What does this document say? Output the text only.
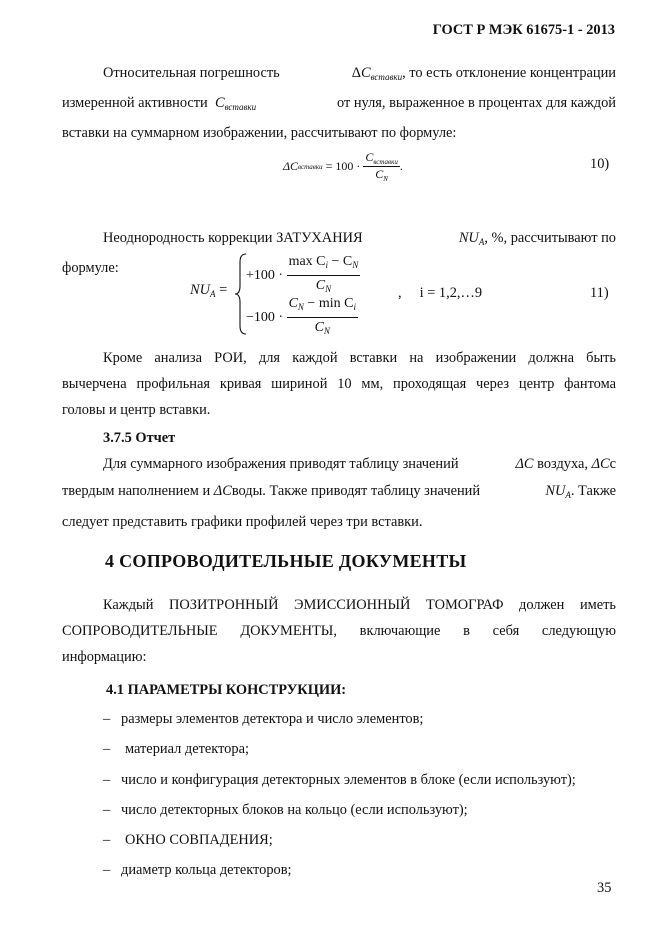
ГОСТ Р МЭК 61675-1 - 2013
Относительная погрешность	$\Delta C_{вставки}$, то есть отклонение концентрации
измеренной активности $C_{вставки}$	от нуля, выраженное в процентах для каждой
вставки на суммарном изображении, рассчитывают по формуле:
ΔC вставки
= 100 ·
$\frac{C_{вставки}}{C_N}$ .	10)
Неоднородность коррекции ЗАТУХАНИЯ	$NU_A$, %, рассчитывают по
формуле:
$NU_A$ =
+100 ·
$\frac{\max C_i - C_N}{C_N}$
−100 ·
$\frac{C_N - \min C_i}{C_N}$
,     i = 1,2,…9	11)
Кроме анализа РОИ, для каждой вставки на изображении должна быть
вычерчена профильная кривая шириной 10 мм, проходящая через центр фантома
головы и центр вставки.
3.7.5 Отчет
Для суммарного изображения приводят таблицу значений	ΔC воздуха, ΔCс
твердым наполнением и ΔCводы. Также приводят таблицу значений	$NU_A$. Также
следует представить графики профилей через три вставки.
4 СОПРОВОДИТЕЛЬНЫЕ ДОКУМЕНТЫ
Каждый ПОЗИТРОННЫЙ ЭМИССИОННЫЙ ТОМОГРАФ должен иметь
СОПРОВОДИТЕЛЬНЫЕ ДОКУМЕНТЫ, включающие в себя следующую
информацию:
4.1 ПАРАМЕТРЫ КОНСТРУКЦИИ:
– размеры элементов детектора и число элементов;
– материал детектора;
– число и конфигурация детекторных элементов в блоке (если используют);
– число детекторных блоков на кольцо (если используют);
– ОКНО СОВПАДЕНИЯ;
– диаметр кольца детекторов;
35
